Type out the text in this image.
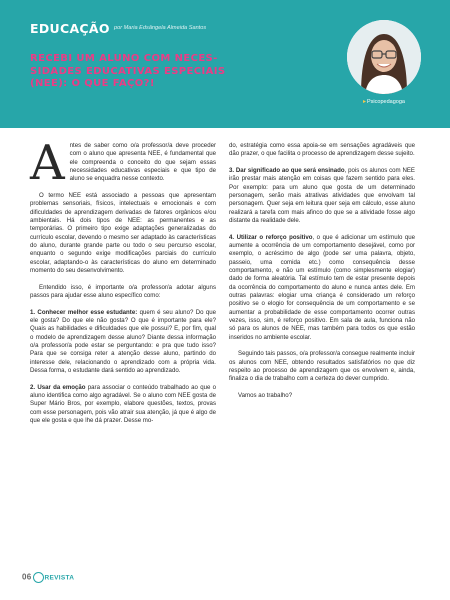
EDUCAÇÃO por Maria Edsângela Almeida Santos
RECEBI UM ALUNO COM NECES-
SIDADES EDUCATIVAS ESPECIAIS
(NEE): O QUE FAÇO?!
▸Psicopedagoga

Antes de saber como o/a professor/a deve proceder com o aluno que apresenta NEE, é fundamental que ele compreenda o conceito do que sejam essas necessidades educativas especiais e que tipo de aluno se enquadra nesse contexto.

O termo NEE está associado a pessoas que apresentam problemas sensoriais, físicos, intelectuais e emocionais e com dificuldades de aprendizagem derivadas de fatores orgânicos e/ou ambientais. Há dois tipos de NEE: as permanentes e as temporárias. O primeiro tipo exige adaptações generalizadas do currículo escolar, devendo o mesmo ser adaptado às características do aluno, durante grande parte ou todo o seu percurso escolar, enquanto o segundo exige modificações parciais do currículo escolar, adaptando-o às características do aluno em determinado momento do seu desenvolvimento.

Entendido isso, é importante o/a professor/a adotar alguns passos para ajudar esse aluno específico como:

1. Conhecer melhor esse estudante: quem é seu aluno? Do que ele gosta? Do que ele não gosta? O que é importante para ele? Quais as habilidades e dificuldades que ele possui? E, por fim, qual o modelo de aprendizagem desse aluno? Diante dessa informação o/a professor/a pode estar se perguntando: e pra que tudo isso? Para que se consiga reter a atenção desse aluno, partindo do interesse dele, relacionando o aprendizado com a própria vida. Dessa forma, o estudante dará sentido ao aprendizado.

2. Usar da emoção para associar o conteúdo trabalhado ao que o aluno identifica como algo agradável. Se o aluno com NEE gosta de Super Mário Bros, por exemplo, elabore questões, textos, provas com esse personagem, pois vão atrair sua atenção, já que é algo de que ele gosta e que lhe dá prazer. Desse mo-

do, estratégia como essa apoia-se em sensações agradáveis que dão prazer, o que facilita o processo de aprendizagem desse sujeito.

3. Dar significado ao que será ensinado, pois os alunos com NEE irão prestar mais atenção em coisas que fazem sentido para eles. Por exemplo: para um aluno que gosta de um determinado personagem, serão mais atrativas atividades que envolvam tal personagem. Quer seja em leitura quer seja em cálculo, esse aluno realizará a tarefa com mais afinco do que se a atividade fosse algo distante da realidade dele.

4. Utilizar o reforço positivo, o que é adicionar um estímulo que aumente a ocorrência de um comportamento desejável, como por exemplo, o acréscimo de algo (pode ser uma palavra, objeto, passeio, uma comida etc.) como consequência desse comportamento, e não um estímulo (como simplesmente elogiar) dado de forma aleatória. Tal estímulo tem de estar presente depois da ocorrência do comportamento do aluno e nunca antes dele. Em outras palavras: elogiar uma criança é considerado um reforço positivo se o elogio for consequência de um comportamento e se aumentar a probabilidade de esse comportamento ocorrer outras vezes, isso, sim, é reforço positivo. Em sala de aula, funciona não só para os alunos de NEE, mas também para todos os que estão inseridos no ambiente escolar.

Seguindo tais passos, o/a professor/a consegue realmente incluir os alunos com NEE, obtendo resultados satisfatórios no que diz respeito ao processo de aprendizagem que os envolvem e, ainda, finaliza o dia de trabalho com a certeza do dever cumprido.

Vamos ao trabalho?

06 REVISTA
